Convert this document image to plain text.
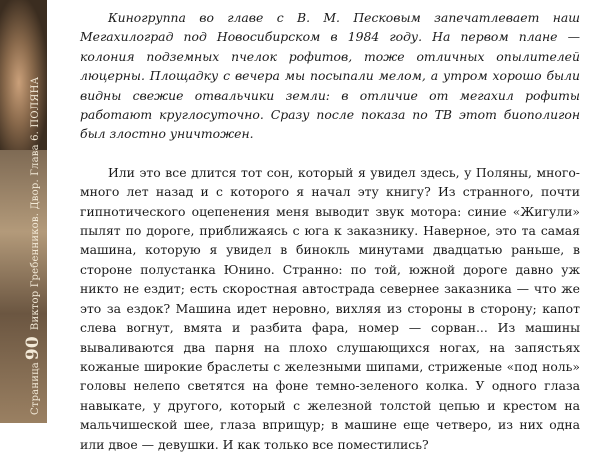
Страница90Виктор Гребенников. Двор. Глава 6. ПОЛЯНА

Киногруппа во главе с В. М. Песковым запечатлевает наш Мегахилоград под Новосибирском в 1984 году. На первом плане — колония подземных пчелок рофитов, тоже отличных опылителей люцерны. Площадку с вечера мы посыпали мелом, а утром хорошо были видны свежие отвальчики земли: в отличие от мегахил рофиты работают круглосуточно. Сразу после показа по ТВ этот биополигон был злостно уничтожен.

Или это все длится тот сон, который я увидел здесь, у Поляны, много-много лет назад и с которого я начал эту книгу? Из странного, почти гипнотического оцепенения меня выводит звук мотора: синие «Жигули» пылят по дороге, приближаясь с юга к заказнику. Наверное, это та самая машина, которую я увидел в бинокль минутами двадцатью раньше, в стороне полустанка Юнино. Странно: по той, южной дороге давно уж никто не ездит; есть скоростная автострада севернее заказника — что же это за ездок? Машина идет неровно, вихляя из стороны в сторону; капот слева вогнут, вмята и разбита фара, номер — сорван... Из машины вываливаются два парня на плохо слушающихся ногах, на запястьях кожаные широкие браслеты с железными шипами, стриженые «под ноль» головы нелепо светятся на фоне темно-зеленого колка. У одного глаза навыкате, у другого, который с железной толстой цепью и крестом на мальчишеской шее, глаза вприщур; в машине еще четверо, из них одна или двое — девушки. И как только все поместились?
